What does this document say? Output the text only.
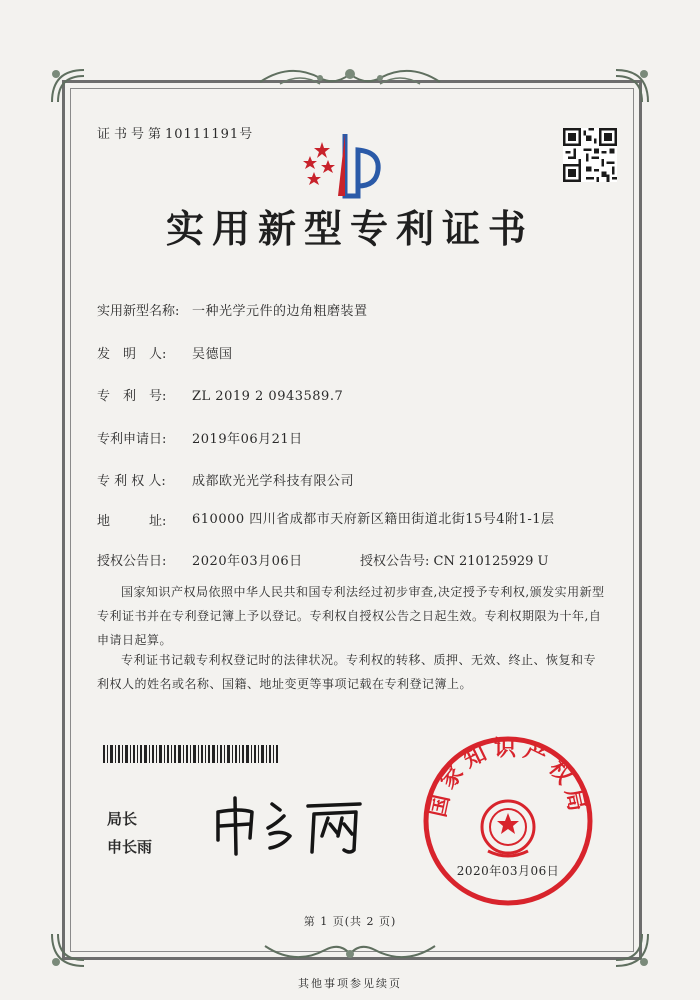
证书号第10111191号
实用新型专利证书
实用新型名称: 一种光学元件的边角粗磨装置
发　明　人: 吴德国
专　利　号: ZL 2019 2 0943589.7
专利申请日: 2019年06月21日
专 利 权 人: 成都欧光光学科技有限公司
地　　　址: 610000 四川省成都市天府新区籍田街道北街15号4附1-1层
授权公告日: 2020年03月06日	授权公告号: CN 210125929 U
国家知识产权局依照中华人民共和国专利法经过初步审查,决定授予专利权,颁发实用新型专利证书并在专利登记簿上予以登记。专利权自授权公告之日起生效。专利权期限为十年,自申请日起算。
专利证书记载专利权登记时的法律状况。专利权的转移、质押、无效、终止、恢复和专利权人的姓名或名称、国籍、地址变更等事项记载在专利登记簿上。
局长
申长雨
国家知识产权局
2020年03月06日
第 1 页(共 2 页)
其他事项参见续页
